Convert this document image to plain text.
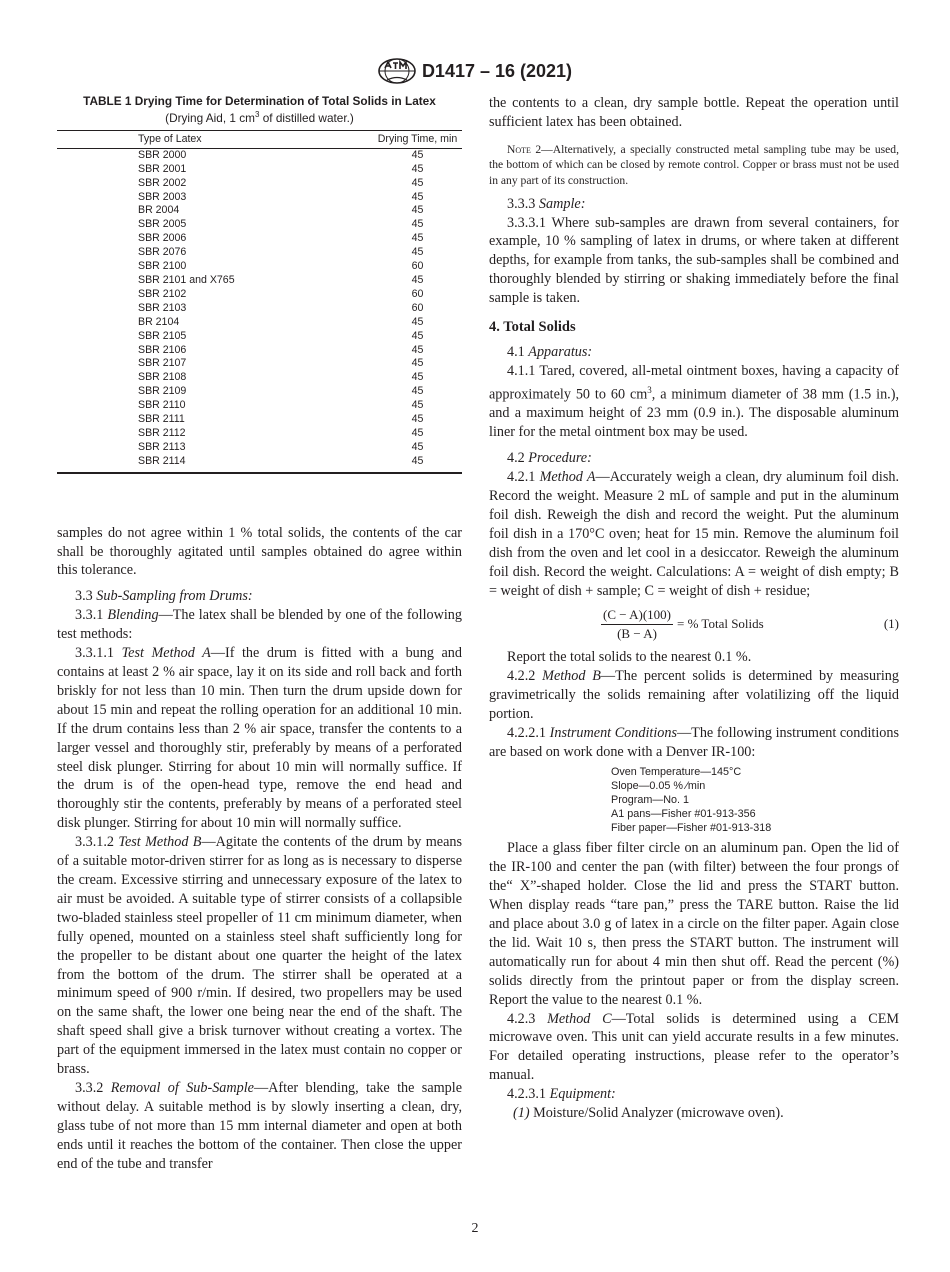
D1417 – 16 (2021)
TABLE 1 Drying Time for Determination of Total Solids in Latex
(Drying Aid, 1 $cm^3$ of distilled water.)
Type of Latex	Drying Time, min
SBR 2000	45
SBR 2001	45
SBR 2002	45
SBR 2003	45
BR 2004	45
SBR 2005	45
SBR 2006	45
SBR 2076	45
SBR 2100	60
SBR 2101 and X765	45
SBR 2102	60
SBR 2103	60
BR 2104	45
SBR 2105	45
SBR 2106	45
SBR 2107	45
SBR 2108	45
SBR 2109	45
SBR 2110	45
SBR 2111	45
SBR 2112	45
SBR 2113	45
SBR 2114	45

samples do not agree within 1 % total solids, the contents of the car shall be thoroughly agitated until samples obtained do agree within this tolerance.

3.3 Sub-Sampling from Drums:

3.3.1 Blending—The latex shall be blended by one of the following test methods:

3.3.1.1 Test Method A—If the drum is fitted with a bung and contains at least 2 % air space, lay it on its side and roll back and forth briskly for not less than 10 min. Then turn the drum upside down for about 15 min and repeat the rolling operation for an additional 10 min. If the drum contains less than 2 % air space, transfer the contents to a larger vessel and thoroughly stir, preferably by means of a perforated steel disk plunger. Stirring for about 10 min will normally suffice. If the drum is of the open-head type, remove the end head and thoroughly stir the contents, preferably by means of a perforated steel disk plunger. Stirring for about 10 min will normally suffice.

3.3.1.2 Test Method B—Agitate the contents of the drum by means of a suitable motor-driven stirrer for as long as is necessary to disperse the cream. Excessive stirring and unnecessary exposure of the latex to air must be avoided. A suitable type of stirrer consists of a collapsible two-bladed stainless steel propeller of 11 cm minimum diameter, when fully opened, mounted on a stainless steel shaft sufficiently long for the propeller to be distant about one quarter the height of the latex from the bottom of the drum. The stirrer shall be operated at a minimum speed of 900 r/min. If desired, two propellers may be used on the same shaft, the lower one being near the end of the shaft. The shaft speed shall give a brisk turnover without creating a vortex. The part of the equipment immersed in the latex must contain no copper or brass.

3.3.2 Removal of Sub-Sample—After blending, take the sample without delay. A suitable method is by slowly inserting a clean, dry, glass tube of not more than 15 mm internal diameter and open at both ends until it reaches the bottom of the container. Then close the upper end of the tube and transfer

the contents to a clean, dry sample bottle. Repeat the operation until sufficient latex has been obtained.

Note 2—Alternatively, a specially constructed metal sampling tube may be used, the bottom of which can be closed by remote control. Copper or brass must not be used in any part of its construction.

3.3.3 Sample:

3.3.3.1 Where sub-samples are drawn from several containers, for example, 10 % sampling of latex in drums, or where taken at different depths, for example from tanks, the sub-samples shall be combined and thoroughly blended by stirring or shaking immediately before the final sample is taken.

4. Total Solids

4.1 Apparatus:

4.1.1 Tared, covered, all-metal ointment boxes, having a capacity of approximately 50 to 60 $cm^3$, a minimum diameter of 38 mm (1.5 in.), and a maximum height of 23 mm (0.9 in.). The disposable aluminum liner for the metal ointment box may be used.

4.2 Procedure:

4.2.1 Method A—Accurately weigh a clean, dry aluminum foil dish. Record the weight. Measure 2 mL of sample and put in the aluminum foil dish. Reweigh the dish and record the weight. Put the aluminum foil dish in a 170°C oven; heat for 15 min. Remove the aluminum foil dish from the oven and let cool in a desiccator. Reweigh the aluminum foil dish. Record the weight. Calculations: A = weight of dish empty; B = weight of dish + sample; C = weight of dish + residue;

$\frac{(C - A)(100)}{(B - A)}$ = % Total Solids	(1)

Report the total solids to the nearest 0.1 %.

4.2.2 Method B—The percent solids is determined by measuring gravimetrically the solids remaining after volatilizing off the liquid portion.

4.2.2.1 Instrument Conditions—The following instrument conditions are based on work done with a Denver IR-100:

Oven Temperature—145°C
Slope—0.05 % ⁄min
Program—No. 1
A1 pans—Fisher #01-913-356
Fiber paper—Fisher #01-913-318

Place a glass fiber filter circle on an aluminum pan. Open the lid of the IR-100 and center the pan (with filter) between the four prongs of the“ X”-shaped holder. Close the lid and press the START button. When display reads “tare pan,” press the TARE button. Raise the lid and place about 3.0 g of latex in a circle on the filter paper. Again close the lid. Wait 10 s, then press the START button. The instrument will automatically run for about 4 min then shut off. Read the percent (%) solids directly from the printout paper or from the display screen. Report the value to the nearest 0.1 %.

4.2.3 Method C—Total solids is determined using a CEM microwave oven. This unit can yield accurate results in a few minutes. For detailed operating instructions, please refer to the operator’s manual.

4.2.3.1 Equipment:

(1) Moisture/Solid Analyzer (microwave oven).

2
